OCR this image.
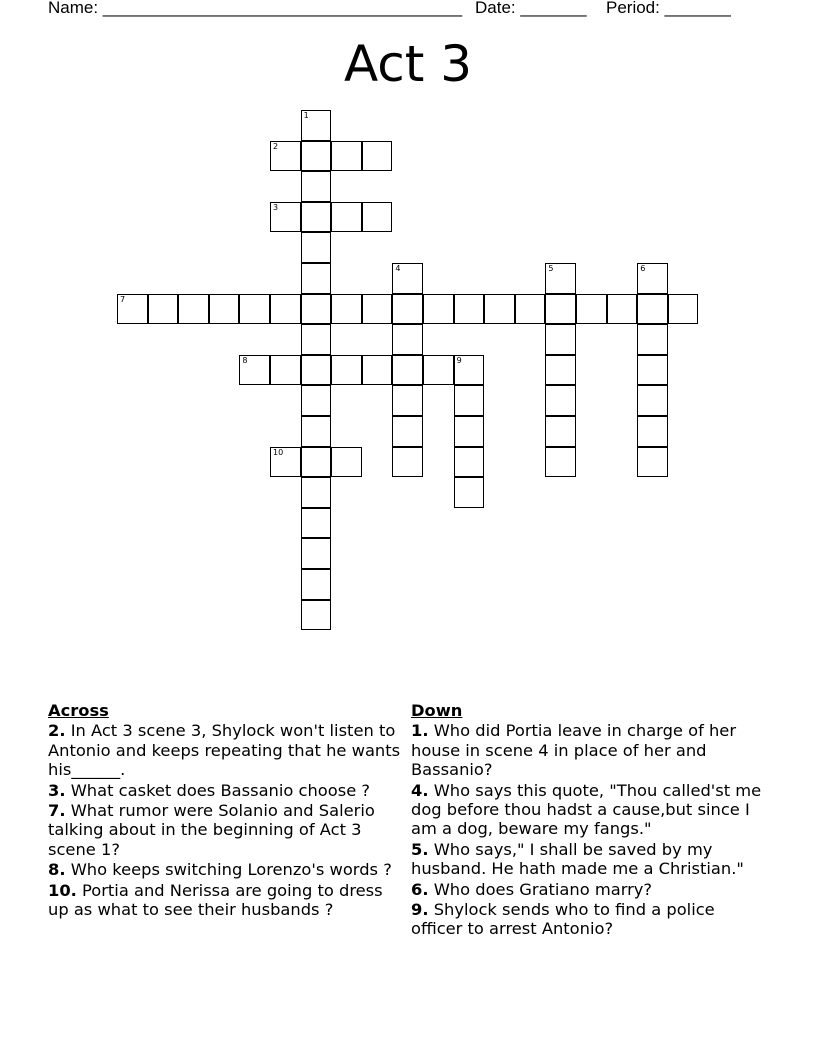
Name: ______________________________________ Date: _______ Period: _______
Act 3
1
2
3
4	5	6
7
8	9
10
Across
2. In Act 3 scene 3, Shylock won't listen to Antonio and keeps repeating that he wants his______.
3. What casket does Bassanio choose ?
7. What rumor were Solanio and Salerio talking about in the beginning of Act 3 scene 1?
8. Who keeps switching Lorenzo's words ?
10. Portia and Nerissa are going to dress up as what to see their husbands ?
Down
1. Who did Portia leave in charge of her house in scene 4 in place of her and Bassanio?
4. Who says this quote, "Thou called'st me dog before thou hadst a cause,but since I am a dog, beware my fangs."
5. Who says," I shall be saved by my husband. He hath made me a Christian."
6. Who does Gratiano marry?
9. Shylock sends who to find a police officer to arrest Antonio?
